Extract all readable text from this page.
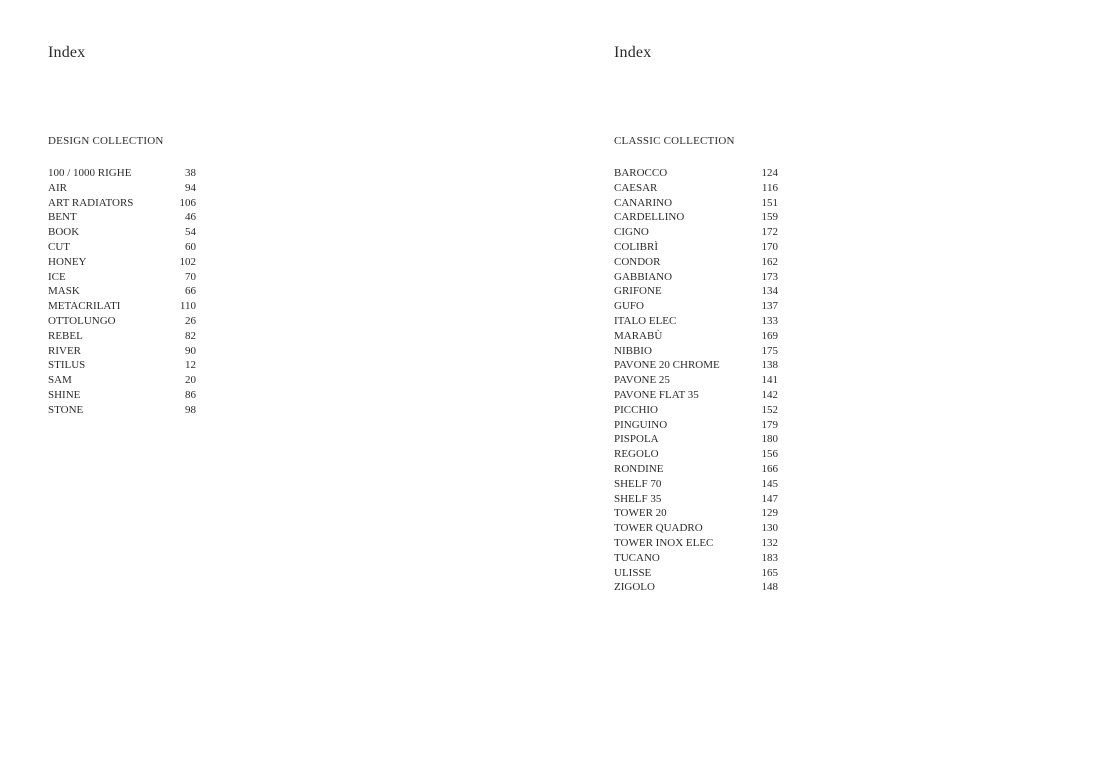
Index
DESIGN COLLECTION
100 / 1000 RIGHE	38
AIR	94
ART RADIATORS	106
BENT	46
BOOK	54
CUT	60
HONEY	102
ICE	70
MASK	66
METACRILATI	110
OTTOLUNGO	26
REBEL	82
RIVER	90
STILUS	12
SAM	20
SHINE	86
STONE	98
Index
CLASSIC COLLECTION
BAROCCO	124
CAESAR	116
CANARINO	151
CARDELLINO	159
CIGNO	172
COLIBRÌ	170
CONDOR	162
GABBIANO	173
GRIFONE	134
GUFO	137
ITALO ELEC	133
MARABÙ	169
NIBBIO	175
PAVONE 20 CHROME	138
PAVONE 25	141
PAVONE FLAT 35	142
PICCHIO	152
PINGUINO	179
PISPOLA	180
REGOLO	156
RONDINE	166
SHELF 70	145
SHELF 35	147
TOWER 20	129
TOWER QUADRO	130
TOWER INOX ELEC	132
TUCANO	183
ULISSE	165
ZIGOLO	148
